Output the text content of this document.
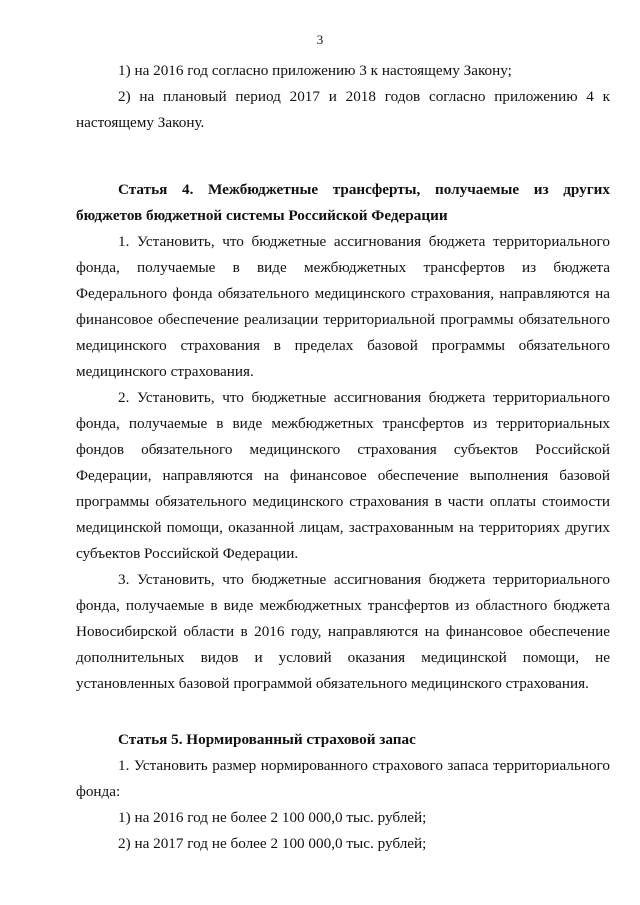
3

1) на 2016 год согласно приложению 3 к настоящему Закону;

2) на плановый период 2017 и 2018 годов согласно приложению 4 к настоящему Закону.

Статья 4. Межбюджетные трансферты, получаемые из других бюджетов бюджетной системы Российской Федерации

1. Установить, что бюджетные ассигнования бюджета территориального фонда, получаемые в виде межбюджетных трансфертов из бюджета Федерального фонда обязательного медицинского страхования, направляются на финансовое обеспечение реализации территориальной программы обязательного медицинского страхования в пределах базовой программы обязательного медицинского страхования.

2. Установить, что бюджетные ассигнования бюджета территориального фонда, получаемые в виде межбюджетных трансфертов из территориальных фондов обязательного медицинского страхования субъектов Российской Федерации, направляются на финансовое обеспечение выполнения базовой программы обязательного медицинского страхования в части оплаты стоимости медицинской помощи, оказанной лицам, застрахованным на территориях других субъектов Российской Федерации.

3. Установить, что бюджетные ассигнования бюджета территориального фонда, получаемые в виде межбюджетных трансфертов из областного бюджета Новосибирской области в 2016 году, направляются на финансовое обеспечение дополнительных видов и условий оказания медицинской помощи, не установленных базовой программой обязательного медицинского страхования.

Статья 5. Нормированный страховой запас

1. Установить размер нормированного страхового запаса территориального фонда:

1) на 2016 год не более 2 100 000,0 тыс. рублей;

2) на 2017 год не более 2 100 000,0 тыс. рублей;
